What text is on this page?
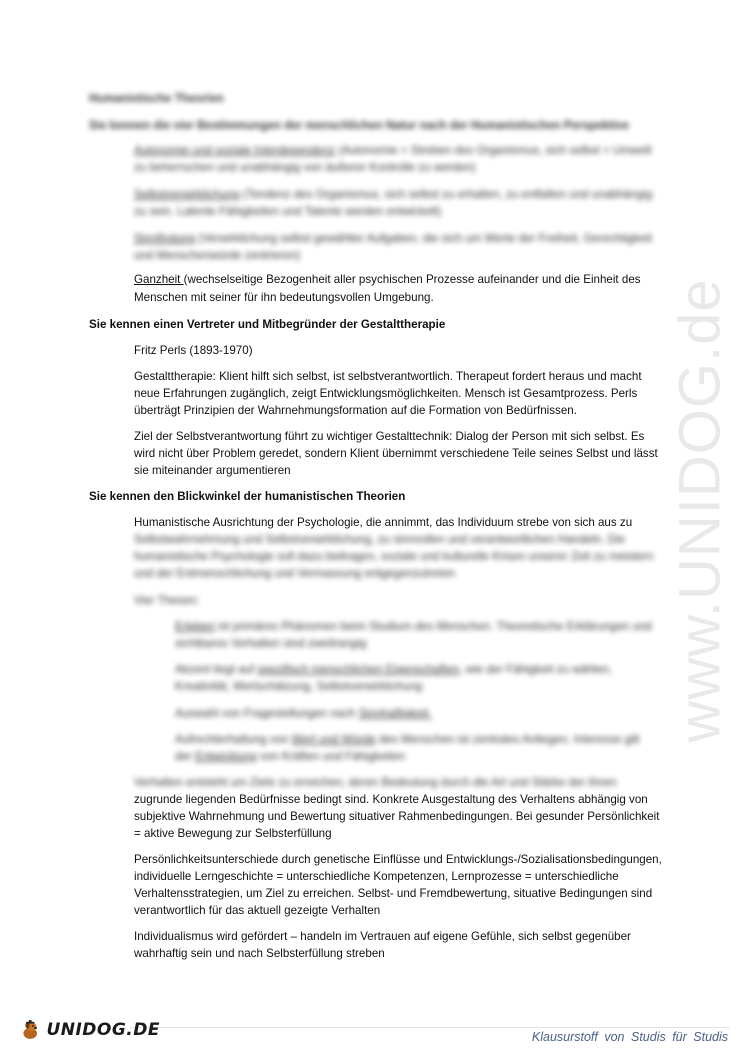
www.UNIDOG.de
Humanistische Theorien
Sie kennen die vier Bestimmungen der menschlichen Natur nach der Humanistischen Perspektive
Autonomie und soziale Interdependenz (Autonomie = Streben des Organismus, sich selbst = Umwelt
zu beherrschen und unabhängig von äußerer Kontrolle zu werden)
Selbstverwirklichung (Tendenz des Organismus, sich selbst zu erhalten, zu entfalten und unabhängig
zu sein. Latente Fähigkeiten und Talente werden entwickelt)
Sinnfindung (Verwirklichung selbst gewählter Aufgaben, die sich um Werte der Freiheit, Gerechtigkeit
und Menschenwürde zentrieren)
Ganzheit (wechselseitige Bezogenheit aller psychischen Prozesse aufeinander und die Einheit des
Menschen mit seiner für ihn bedeutungsvollen Umgebung.
Sie kennen einen Vertreter und Mitbegründer der Gestalttherapie
Fritz Perls (1893-1970)
Gestalttherapie: Klient hilft sich selbst, ist selbstverantwortlich. Therapeut fordert heraus und macht
neue Erfahrungen zugänglich, zeigt Entwicklungsmöglichkeiten. Mensch ist Gesamtprozess. Perls
überträgt Prinzipien der Wahrnehmungsformation auf die Formation von Bedürfnissen.
Ziel der Selbstverantwortung führt zu wichtiger Gestalttechnik: Dialog der Person mit sich selbst. Es
wird nicht über Problem geredet, sondern Klient übernimmt verschiedene Teile seines Selbst und lässt
sie miteinander argumentieren
Sie kennen den Blickwinkel der humanistischen Theorien
Humanistische Ausrichtung der Psychologie, die annimmt, das Individuum strebe von sich aus zu
Selbstwahrnehmung und Selbstverwirklichung, zu sinnvollen und verantwortlichen Handeln. Die
humanistische Psychologie soll dazu beitragen, soziale und kulturelle Krisen unserer Zeit zu meistern
und der Entmenschlichung und Vermassung entgegenzutreten
Vier Thesen:
Erleben ist primäres Phänomen beim Studium des Menschen. Theoretische Erklärungen und
sichtbares Verhalten sind zweitrangig
Akzent liegt auf spezifisch menschlichen Eigenschaften, wie der Fähigkeit zu wählen,
Kreativität, Wertschätzung, Selbstverwirklichung
Auswahl von Fragestellungen nach Sinnhaftigkeit.
Aufrechterhaltung von Wert und Würde des Menschen ist zentrales Anliegen. Interesse gilt
der Entwicklung von Kräften und Fähigkeiten
Verhalten entsteht um Ziele zu erreichen, deren Bedeutung durch die Art und Stärke der ihnen
zugrunde liegenden Bedürfnisse bedingt sind. Konkrete Ausgestaltung des Verhaltens abhängig von
subjektive Wahrnehmung und Bewertung situativer Rahmenbedingungen. Bei gesunder Persönlichkeit
= aktive Bewegung zur Selbsterfüllung
Persönlichkeitsunterschiede durch genetische Einflüsse und Entwicklungs-/Sozialisationsbedingungen,
individuelle Lerngeschichte = unterschiedliche Kompetenzen, Lernprozesse = unterschiedliche
Verhaltensstrategien, um Ziel zu erreichen. Selbst- und Fremdbewertung, situative Bedingungen sind
verantwortlich für das aktuell gezeigte Verhalten
Individualismus wird gefördert – handeln im Vertrauen auf eigene Gefühle, sich selbst gegenüber
wahrhaftig sein und nach Selbsterfüllung streben
UNIDOG.DE	Klausurstoff von Studis für Studis
